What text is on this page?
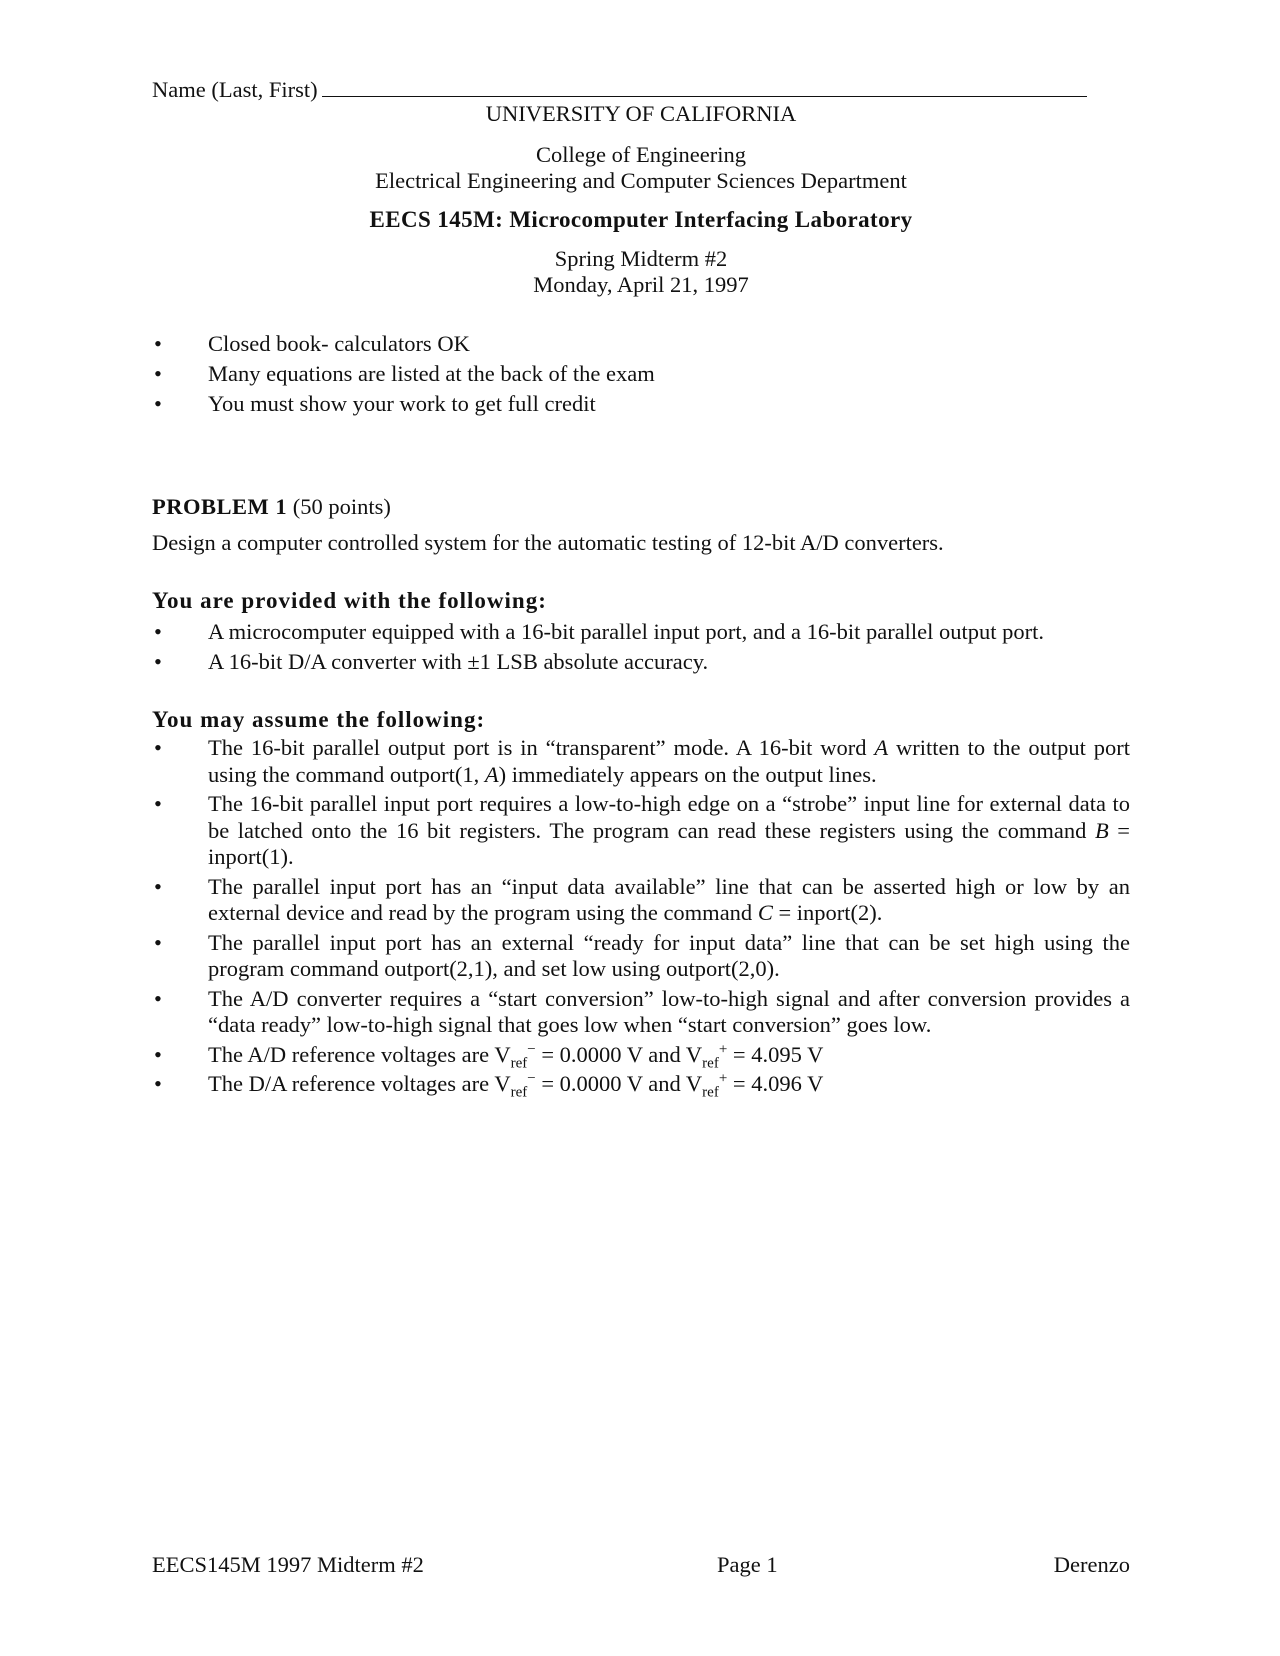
Name (Last, First)
UNIVERSITY OF CALIFORNIA
College of Engineering
Electrical Engineering and Computer Sciences Department
EECS 145M: Microcomputer Interfacing Laboratory
Spring Midterm #2
Monday, April 21, 1997
• Closed book- calculators OK
• Many equations are listed at the back of the exam
• You must show your work to get full credit
PROBLEM 1 (50 points)
Design a computer controlled system for the automatic testing of 12-bit A/D converters.
You are provided with the following:
• A microcomputer equipped with a 16-bit parallel input port, and a 16-bit parallel output port.
• A 16-bit D/A converter with ±1 LSB absolute accuracy.
You may assume the following:
• The 16-bit parallel output port is in “transparent” mode. A 16-bit word A written to the output port using the command outport(1, A) immediately appears on the output lines.
• The 16-bit parallel input port requires a low-to-high edge on a “strobe” input line for external data to be latched onto the 16 bit registers. The program can read these registers using the command B = inport(1).
• The parallel input port has an “input data available” line that can be asserted high or low by an external device and read by the program using the command C = inport(2).
• The parallel input port has an external “ready for input data” line that can be set high using the program command outport(2,1), and set low using outport(2,0).
• The A/D converter requires a “start conversion” low-to-high signal and after conversion provides a “data ready” low-to-high signal that goes low when “start conversion” goes low.
• The A/D reference voltages are $V_{ref}^- = 0.0000$ V and $V_{ref}^+ = 4.095$ V
• The D/A reference voltages are $V_{ref}^- = 0.0000$ V and $V_{ref}^+ = 4.096$ V
EECS145M 1997 Midterm #2	Page 1	Derenzo
